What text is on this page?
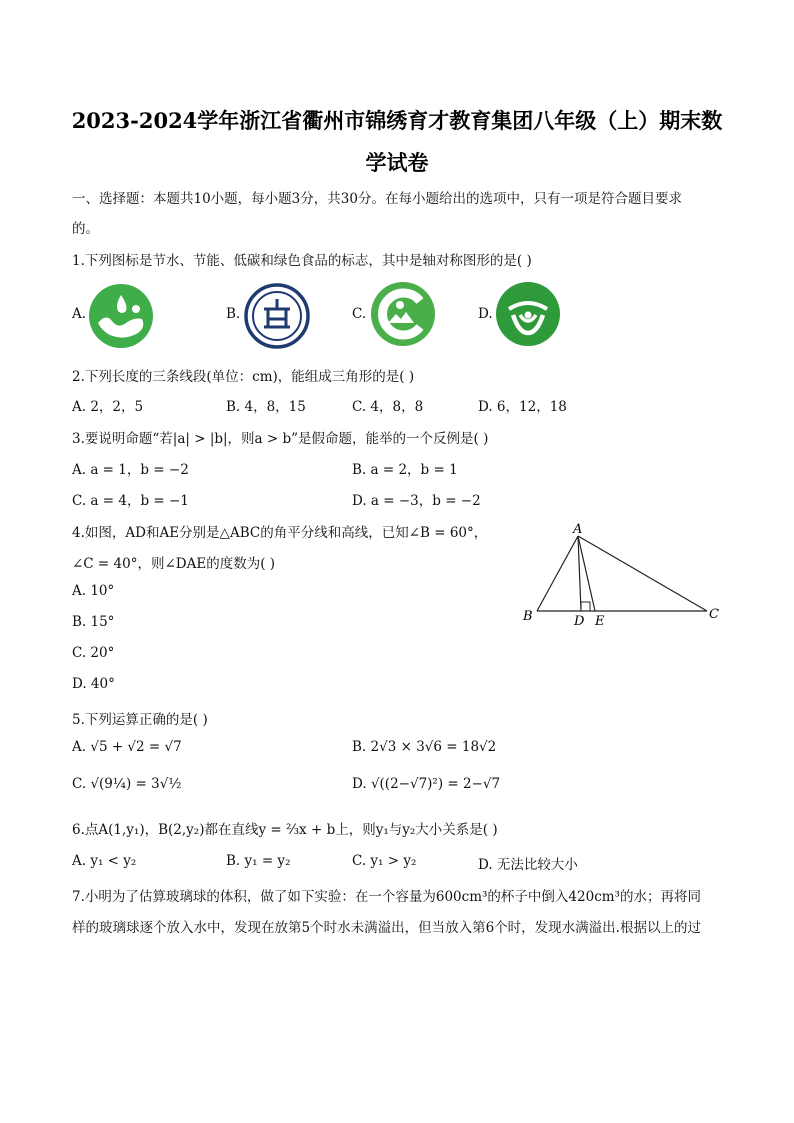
2023-2024学年浙江省衢州市锦绣育才教育集团八年级（上）期末数
学试卷
一、选择题：本题共10小题，每小题3分，共30分。在每小题给出的选项中，只有一项是符合题目要求
的。
1.下列图标是节水、节能、低碳和绿色食品的标志，其中是轴对称图形的是( )
A.	B.	C.	D.
2.下列长度的三条线段(单位：cm)，能组成三角形的是( )
A. 2，2，5	B. 4，8，15	C. 4，8，8	D. 6，12，18
3.要说明命题“若|a| > |b|，则a > b”是假命题，能举的一个反例是( )
A. a = 1，b = −2	B. a = 2，b = 1
C. a = 4，b = −1	D. a = −3，b = −2
4.如图，AD和AE分别是△ABC的角平分线和高线，已知∠B = 60°，
∠C = 40°，则∠DAE的度数为( )
A. 10°
B. 15°
C. 20°
D. 40°
A
B	C
D E
5.下列运算正确的是( )
A. √5 + √2 = √7	B. 2√3 × 3√6 = 18√2
C. √(9¼) = 3√½	D. √((2−√7)²) = 2−√7
6.点A(1,y₁)，B(2,y₂)都在直线y = ⅔x + b上，则y₁与y₂大小关系是( )
A. y₁ < y₂	B. y₁ = y₂	C. y₁ > y₂	D. 无法比较大小
7.小明为了估算玻璃球的体积，做了如下实验：在一个容量为600cm³的杯子中倒入420cm³的水；再将同
样的玻璃球逐个放入水中，发现在放第5个时水未满溢出，但当放入第6个时，发现水满溢出.根据以上的过
